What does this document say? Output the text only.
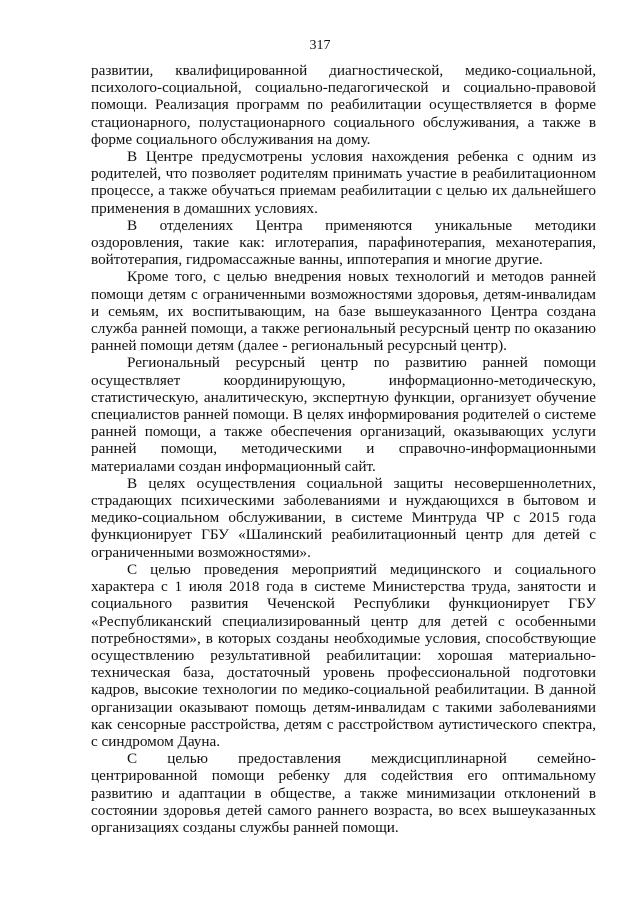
317

развитии, квалифицированной диагностической, медико-социальной, психолого-социальной, социально-педагогической и социально-правовой помощи. Реализация программ по реабилитации осуществляется в форме стационарного, полустационарного социального обслуживания, а также в форме социального обслуживания на дому.

В Центре предусмотрены условия нахождения ребенка с одним из родителей, что позволяет родителям принимать участие в реабилитационном процессе, а также обучаться приемам реабилитации с целью их дальнейшего применения в домашних условиях.

В отделениях Центра применяются уникальные методики оздоровления, такие как: иглотерапия, парафинотерапия, механотерапия, войтотерапия, гидромассажные ванны, иппотерапия и многие другие.

Кроме того, с целью внедрения новых технологий и методов ранней помощи детям с ограниченными возможностями здоровья, детям-инвалидам и семьям, их воспитывающим, на базе вышеуказанного Центра создана служба ранней помощи, а также региональный ресурсный центр по оказанию ранней помощи детям (далее - региональный ресурсный центр).

Региональный ресурсный центр по развитию ранней помощи осуществляет координирующую, информационно-методическую, статистическую, аналитическую, экспертную функции, организует обучение специалистов ранней помощи. В целях информирования родителей о системе ранней помощи, а также обеспечения организаций, оказывающих услуги ранней помощи, методическими и справочно-информационными материалами создан информационный сайт.

В целях осуществления социальной защиты несовершеннолетних, страдающих психическими заболеваниями и нуждающихся в бытовом и медико-социальном обслуживании, в системе Минтруда ЧР с 2015 года функционирует ГБУ «Шалинский реабилитационный центр для детей с ограниченными возможностями».

С целью проведения мероприятий медицинского и социального характера с 1 июля 2018 года в системе Министерства труда, занятости и социального развития Чеченской Республики функционирует ГБУ «Республиканский специализированный центр для детей с особенными потребностями», в которых созданы необходимые условия, способствующие осуществлению результативной реабилитации: хорошая материально-техническая база, достаточный уровень профессиональной подготовки кадров, высокие технологии по медико-социальной реабилитации. В данной организации оказывают помощь детям-инвалидам с такими заболеваниями как сенсорные расстройства, детям с расстройством аутистического спектра, с синдромом Дауна.

С целью предоставления междисциплинарной семейно-центрированной помощи ребенку для содействия его оптимальному развитию и адаптации в обществе, а также минимизации отклонений в состоянии здоровья детей самого раннего возраста, во всех вышеуказанных организациях созданы службы ранней помощи.
